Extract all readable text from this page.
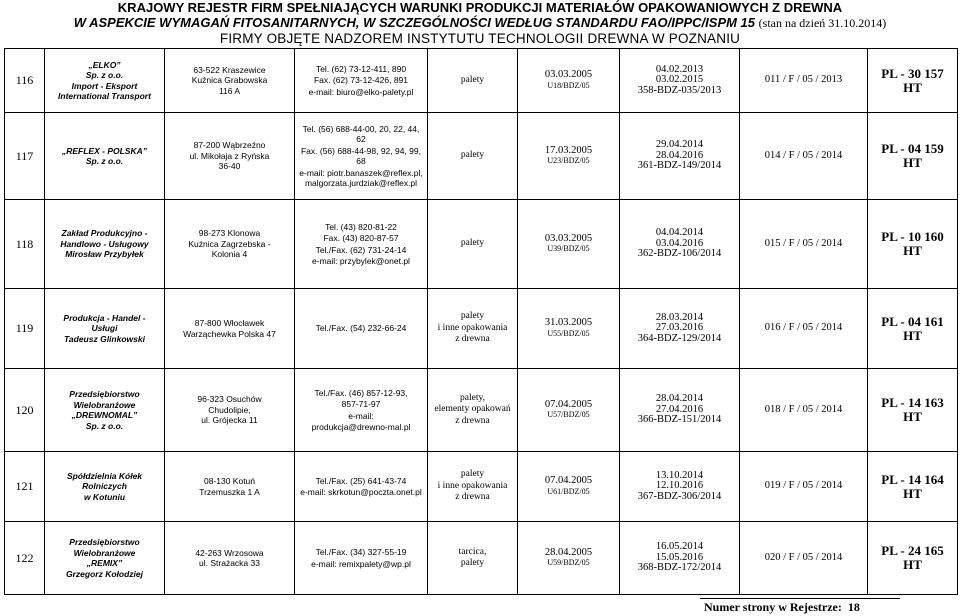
KRAJOWY REJESTR FIRM SPEŁNIAJĄCYCH WARUNKI PRODUKCJI MATERIAŁÓW OPAKOWANIOWYCH Z DREWNA
W ASPEKCIE WYMAGAŃ FITOSANITARNYCH, W SZCZEGÓLNOŚCI WEDŁUG STANDARDU FAO/IPPC/ISPM 15 (stan na dzień 31.10.2014)
FIRMY OBJĘTE NADZOREM INSTYTUTU TECHNOLOGII DREWNA W POZNANIU
116	„ELKO”
Sp. z o.o.
Import - Eksport
International Transport	63-522 Kraszewice
Kuźnica Grabowska
116 A	Tel. (62) 73-12-411, 890
Fax. (62) 73-12-426, 891
e-mail: biuro@elko-palety.pl	palety	03.03.2005
U18/BDZ/05	04.02.2013
03.02.2015
358-BDZ-035/2013	011 / F / 05 / 2013	PL - 30 157
HT

117	„REFLEX - POLSKA”
Sp. z o.o.	87-200 Wąbrzeźno
ul. Mikołaja z Ryńska
36-40	Tel. (56) 688-44-00, 20, 22, 44, 62
Fax. (56) 688-44-98, 92, 94, 99, 68
e-mail: piotr.banaszek@reflex.pl, malgorzata.jurdziak@reflex.pl	palety	17.03.2005
U23/BDZ/05	29.04.2014
28.04.2016
361-BDZ-149/2014	014 / F / 05 / 2014	PL - 04 159
HT

118	Zakład Produkcyjno -
Handlowo - Usługowy
Mirosław Przybyłek	98-273 Klonowa
Kuźnica Zagrzebska -
Kolonia 4	Tel. (43) 820-81-22
Fax. (43) 820-87-57
Tel./Fax. (62) 731-24-14
e-mail: przybylek@onet.pl	palety	03.03.2005
U39/BDZ/05	04.04.2014
03.04.2016
362-BDZ-106/2014	015 / F / 05 / 2014	PL - 10 160
HT

119	Produkcja - Handel -
Usługi
Tadeusz Glinkowski	87-800 Włocławek
Warząchewka Polska 47	Tel./Fax. (54) 232-66-24	palety
i inne opakowania
z drewna	31.03.2005
U55/BDZ/05	28.03.2014
27.03.2016
364-BDZ-129/2014	016 / F / 05 / 2014	PL - 04 161
HT

120	Przedsiębiorstwo
Wielobranżowe
„DREWNOMAL”
Sp. z o.o.	96-323 Osuchów
Chudolipie,
ul. Grójecka 11	Tel./Fax. (46) 857-12-93,
857-71-97
e-mail:
produkcja@drewno-mal.pl	palety,
elementy opakowań
z drewna	07.04.2005
U57/BDZ/05	28.04.2014
27.04.2016
366-BDZ-151/2014	018 / F / 05 / 2014	PL - 14 163
HT

121	Spółdzielnia Kółek
Rolniczych
w Kotuniu	08-130 Kotuń
Trzemuszka 1 A	Tel./Fax. (25) 641-43-74
e-mail: skrkotun@poczta.onet.pl	palety
i inne opakowania
z drewna	07.04.2005
U61/BDZ/05	13.10.2014
12.10.2016
367-BDZ-306/2014	019 / F / 05 / 2014	PL - 14 164
HT

122	Przedsiębiorstwo
Wielobranżowe
„REMIX”
Grzegorz Kołodziej	42-263 Wrzosowa
ul. Strażacka 33	Tel./Fax. (34) 327-55-19
e-mail: remixpalety@wp.pl	tarcica,
palety	28.04.2005
U59/BDZ/05	16.05.2014
15.05.2016
368-BDZ-172/2014	020 / F / 05 / 2014	PL - 24 165
HT
Numer strony w Rejestrze: 18
